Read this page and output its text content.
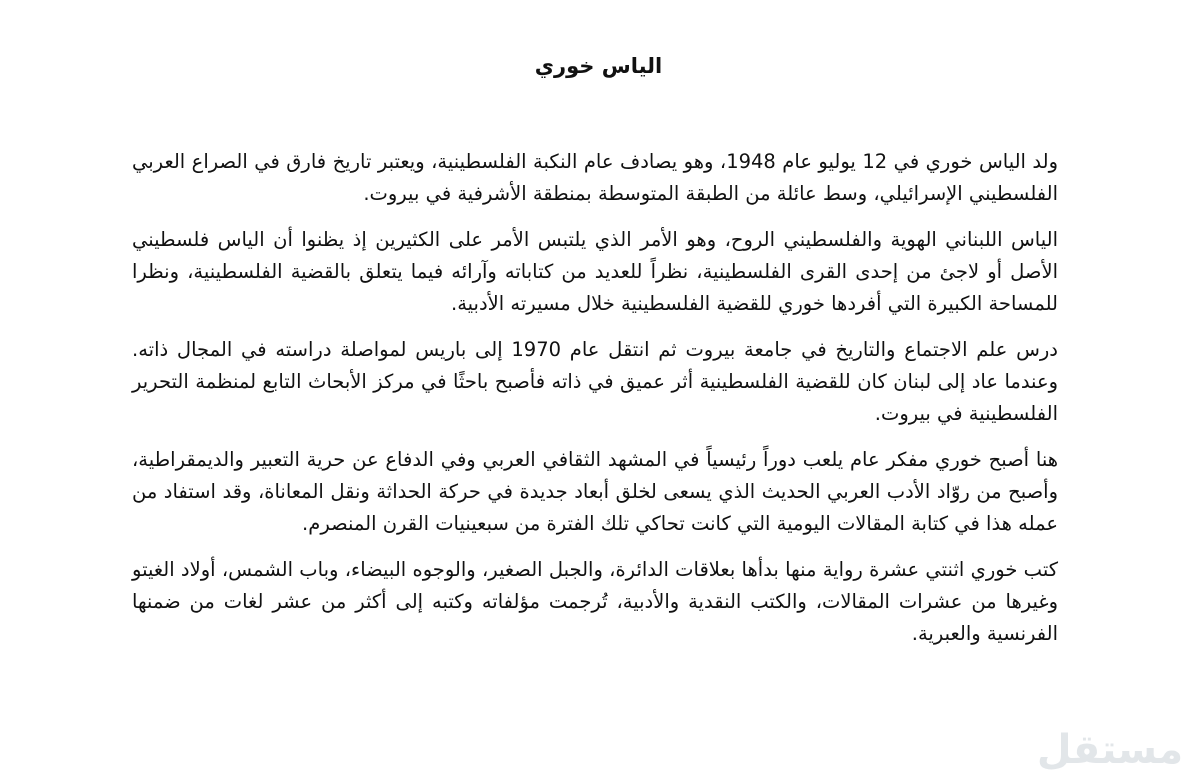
الياس خوري

ولد الياس خوري في 12 يوليو عام 1948، وهو يصادف عام النكبة الفلسطينية، ويعتبر تاريخ فارق في الصراع العربي الفلسطيني الإسرائيلي، وسط عائلة من الطبقة المتوسطة بمنطقة الأشرفية في بيروت.

الياس اللبناني الهوية والفلسطيني الروح، وهو الأمر الذي يلتبس الأمر على الكثيرين إذ يظنوا أن الياس فلسطيني الأصل أو لاجئ من إحدى القرى الفلسطينية، نظراً للعديد من كتاباته وآرائه فيما يتعلق بالقضية الفلسطينية، ونظرا للمساحة الكبيرة التي أفردها خوري للقضية الفلسطينية خلال مسيرته الأدبية.

درس علم الاجتماع والتاريخ في جامعة بيروت ثم انتقل عام 1970 إلى باريس لمواصلة دراسته في المجال ذاته. وعندما عاد إلى لبنان كان للقضية الفلسطينية أثر عميق في ذاته فأصبح باحثًا في مركز الأبحاث التابع لمنظمة التحرير الفلسطينية في بيروت.

هنا أصبح خوري مفكر عام يلعب دوراً رئيسياً في المشهد الثقافي العربي وفي الدفاع عن حرية التعبير والديمقراطية، وأصبح من روّاد الأدب العربي الحديث الذي يسعى لخلق أبعاد جديدة في حركة الحداثة ونقل المعاناة، وقد استفاد من عمله هذا في كتابة المقالات اليومية التي كانت تحاكي تلك الفترة من سبعينيات القرن المنصرم.

كتب خوري اثنتي عشرة رواية منها بدأها بعلاقات الدائرة، والجبل الصغير، والوجوه البيضاء، وباب الشمس، أولاد الغيتو وغيرها من عشرات المقالات، والكتب النقدية والأدبية، تُرجمت مؤلفاته وكتبه إلى أكثر من عشر لغات من ضمنها الفرنسية والعبرية.

مستقل
